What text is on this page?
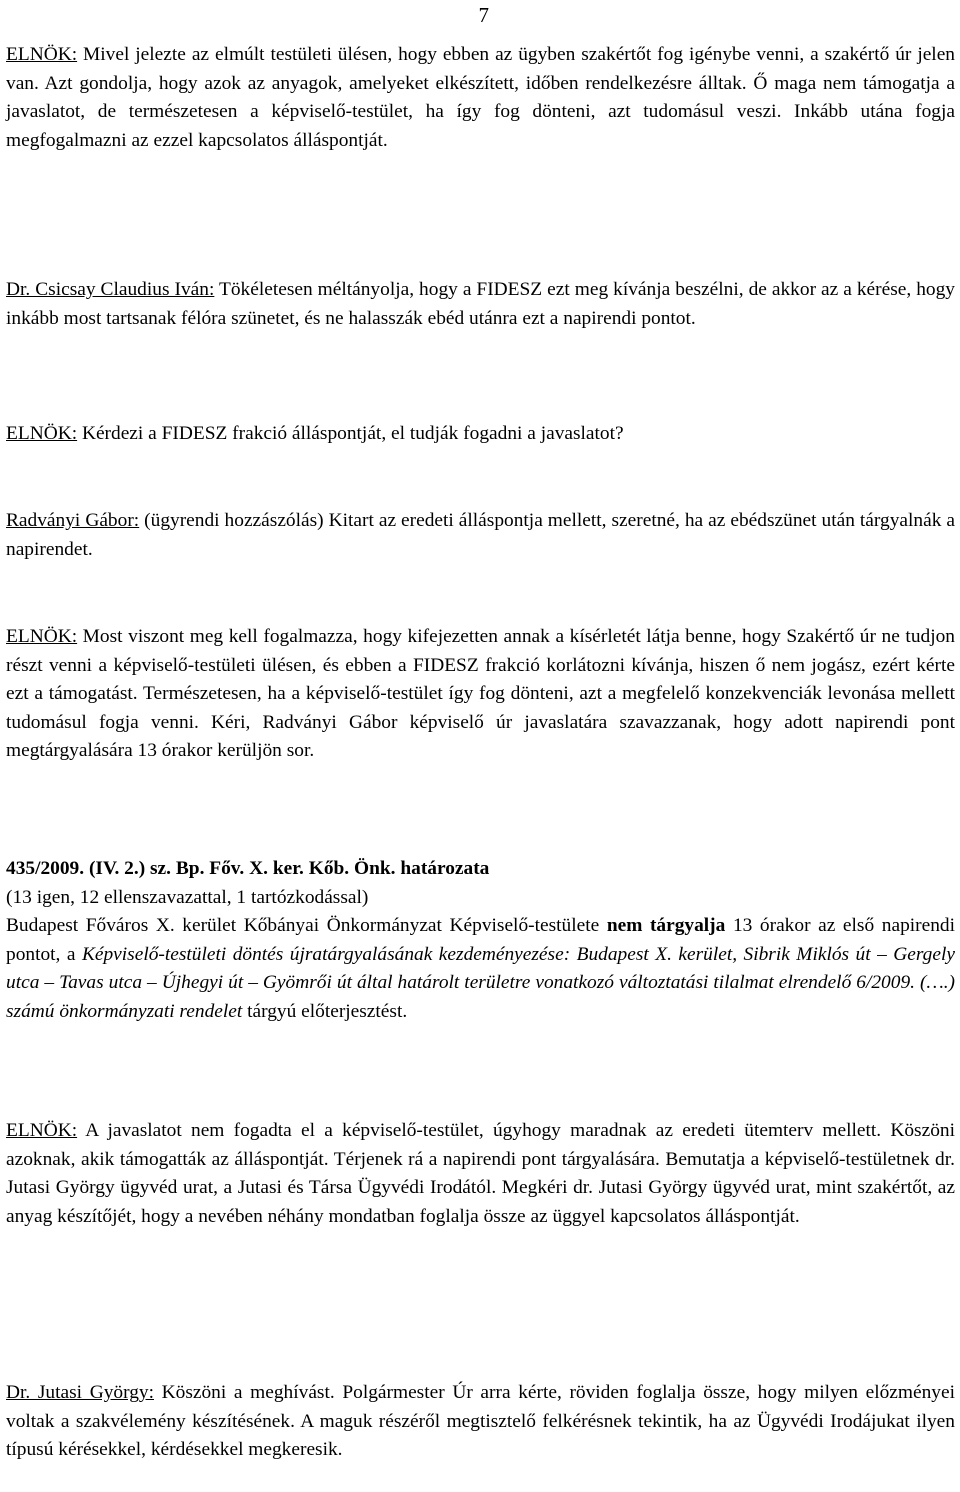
7

ELNÖK: Mivel jelezte az elmúlt testületi ülésen, hogy ebben az ügyben szakértőt fog igénybe venni, a szakértő úr jelen van. Azt gondolja, hogy azok az anyagok, amelyeket elkészített, időben rendelkezésre álltak. Ő maga nem támogatja a javaslatot, de természetesen a képviselő-testület, ha így fog dönteni, azt tudomásul veszi. Inkább utána fogja megfogalmazni az ezzel kapcsolatos álláspontját.

Dr. Csicsay Claudius Iván: Tökéletesen méltányolja, hogy a FIDESZ ezt meg kívánja beszélni, de akkor az a kérése, hogy inkább most tartsanak félóra szünetet, és ne halasszák ebéd utánra ezt a napirendi pontot.

ELNÖK: Kérdezi a FIDESZ frakció álláspontját, el tudják fogadni a javaslatot?

Radványi Gábor: (ügyrendi hozzászólás) Kitart az eredeti álláspontja mellett, szeretné, ha az ebédszünet után tárgyalnák a napirendet.

ELNÖK: Most viszont meg kell fogalmazza, hogy kifejezetten annak a kísérletét látja benne, hogy Szakértő úr ne tudjon részt venni a képviselő-testületi ülésen, és ebben a FIDESZ frakció korlátozni kívánja, hiszen ő nem jogász, ezért kérte ezt a támogatást. Természetesen, ha a képviselő-testület így fog dönteni, azt a megfelelő konzekvenciák levonása mellett tudomásul fogja venni. Kéri, Radványi Gábor képviselő úr javaslatára szavazzanak, hogy adott napirendi pont megtárgyalására 13 órakor kerüljön sor.

435/2009. (IV. 2.) sz. Bp. Főv. X. ker. Kőb. Önk. határozata
(13 igen, 12 ellenszavazattal, 1 tartózkodással)
Budapest Főváros X. kerület Kőbányai Önkormányzat Képviselő-testülete nem tárgyalja 13 órakor az első napirendi pontot, a Képviselő-testületi döntés újratárgyalásának kezdeményezése: Budapest X. kerület, Sibrik Miklós út – Gergely utca – Tavas utca – Újhegyi út – Gyömrői út által határolt területre vonatkozó változtatási tilalmat elrendelő 6/2009. (….) számú önkormányzati rendelet tárgyú előterjesztést.

ELNÖK: A javaslatot nem fogadta el a képviselő-testület, úgyhogy maradnak az eredeti ütemterv mellett. Köszöni azoknak, akik támogatták az álláspontját. Térjenek rá a napirendi pont tárgyalására. Bemutatja a képviselő-testületnek dr. Jutasi György ügyvéd urat, a Jutasi és Társa Ügyvédi Irodától. Megkéri dr. Jutasi György ügyvéd urat, mint szakértőt, az anyag készítőjét, hogy a nevében néhány mondatban foglalja össze az üggyel kapcsolatos álláspontját.

Dr. Jutasi György: Köszöni a meghívást. Polgármester Úr arra kérte, röviden foglalja össze, hogy milyen előzményei voltak a szakvélemény készítésének. A maguk részéről megtisztelő felkérésnek tekintik, ha az Ügyvédi Irodájukat ilyen típusú kérésekkel, kérdésekkel megkeresik.
